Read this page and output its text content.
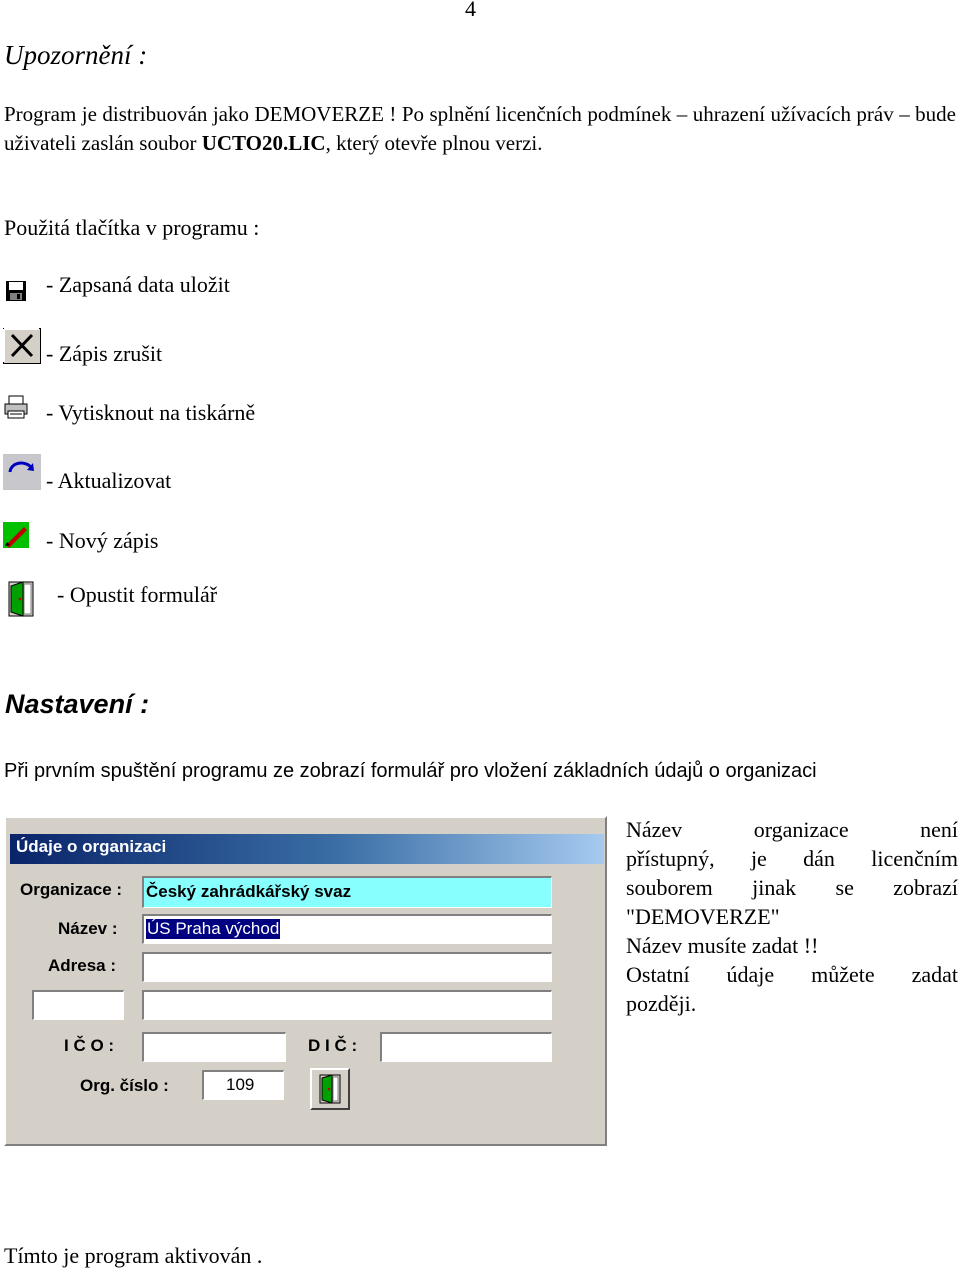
4
Upozornění :
Program je distribuován jako DEMOVERZE ! Po splnění licenčních podmínek – uhrazení užívacích práv – bude uživateli zaslán soubor UCTO20.LIC, který otevře plnou verzi.
Použitá tlačítka v programu :
- Zapsaná data uložit
- Zápis zrušit
- Vytisknout na tiskárně
- Aktualizovat
- Nový zápis
- Opustit formulář
Nastavení :
Při prvním spuštění programu ze zobrazí formulář pro vložení základních údajů o organizaci
Údaje o organizaci
Organizace : Český zahrádkářský svaz
Název : ÚS Praha východ
Adresa :
I Č O :	D I Č :
Org. číslo :	109
Název organizace není
přístupný, je dán licenčním
souborem jinak se zobrazí
"DEMOVERZE"
Název musíte zadat !!
Ostatní údaje můžete zadat
později.
Tímto je program aktivován .
